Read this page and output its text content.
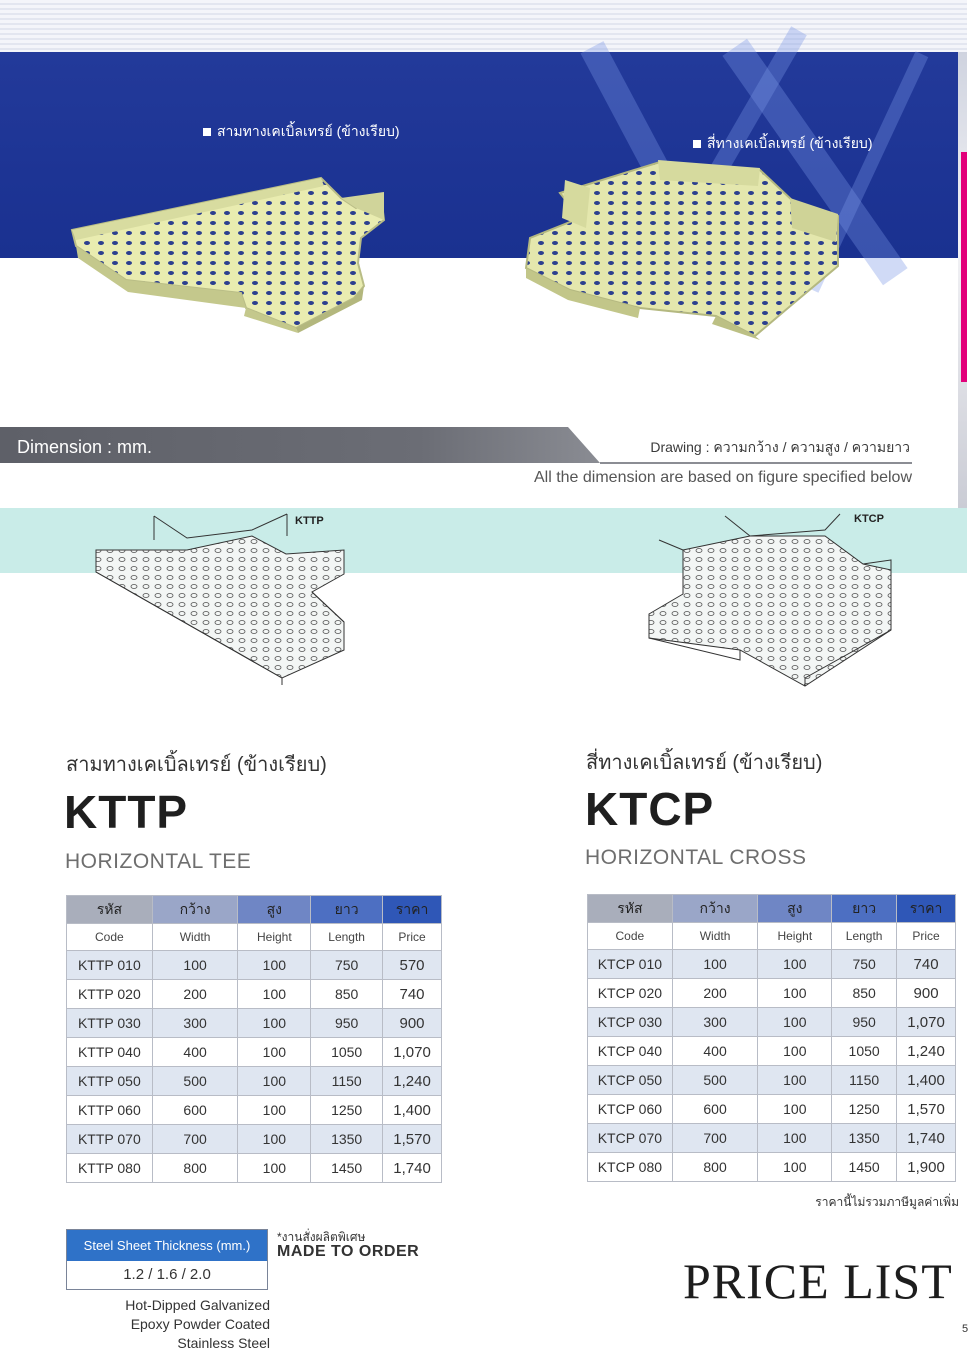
สามทางเคเบิ้ลเทรย์ (ข้างเรียบ)
สี่ทางเคเบิ้ลเทรย์ (ข้างเรียบ)
Dimension : mm.	Drawing : ความกว้าง / ความสูง / ความยาว
All the dimension are based on figure specified below
KTTP	KTCP
สามทางเคเบิ้ลเทรย์ (ข้างเรียบ)
KTTP
HORIZONTAL TEE
สี่ทางเคเบิ้ลเทรย์ (ข้างเรียบ)
KTCP
HORIZONTAL CROSS
รหัส	กว้าง	สูง	ยาว	ราคา
Code	Width	Height	Length	Price
KTTP 010	100	100	750	570
KTTP 020	200	100	850	740
KTTP 030	300	100	950	900
KTTP 040	400	100	1050	1,070
KTTP 050	500	100	1150	1,240
KTTP 060	600	100	1250	1,400
KTTP 070	700	100	1350	1,570
KTTP 080	800	100	1450	1,740
รหัส	กว้าง	สูง	ยาว	ราคา
Code	Width	Height	Length	Price
KTCP 010	100	100	750	740
KTCP 020	200	100	850	900
KTCP 030	300	100	950	1,070
KTCP 040	400	100	1050	1,240
KTCP 050	500	100	1150	1,400
KTCP 060	600	100	1250	1,570
KTCP 070	700	100	1350	1,740
KTCP 080	800	100	1450	1,900
ราคานี้ไม่รวมภาษีมูลค่าเพิ่ม
Steel Sheet Thickness (mm.)
1.2 / 1.6 / 2.0
Hot-Dipped Galvanized
Epoxy Powder Coated
Stainless Steel
*งานสั่งผลิตพิเศษ
MADE TO ORDER
PRICE LIST
5
